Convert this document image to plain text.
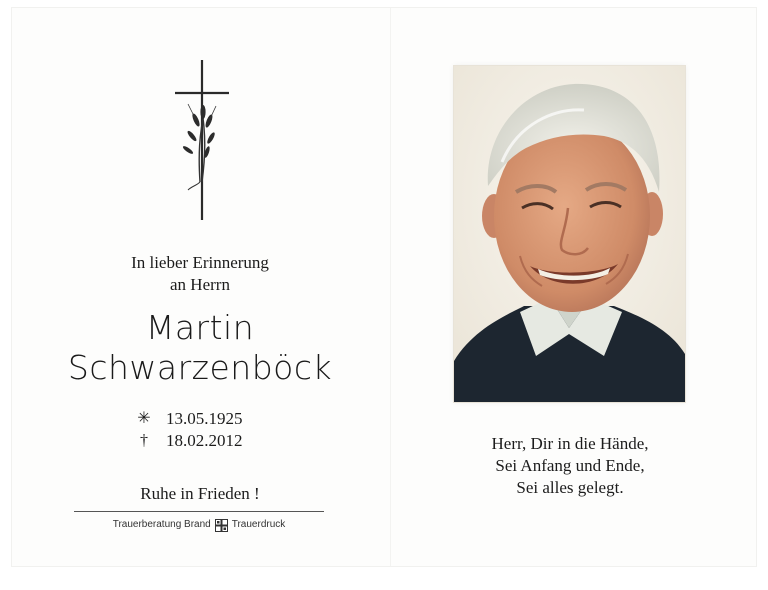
In lieber Erinnerung
an Herrn
Martin
Schwarzenböck
✳ 13.05.1925
†	18.02.2012
Ruhe in Frieden !
Trauerberatung Brand Trauerdruck
Herr, Dir in die Hände,
Sei Anfang und Ende,
Sei alles gelegt.
